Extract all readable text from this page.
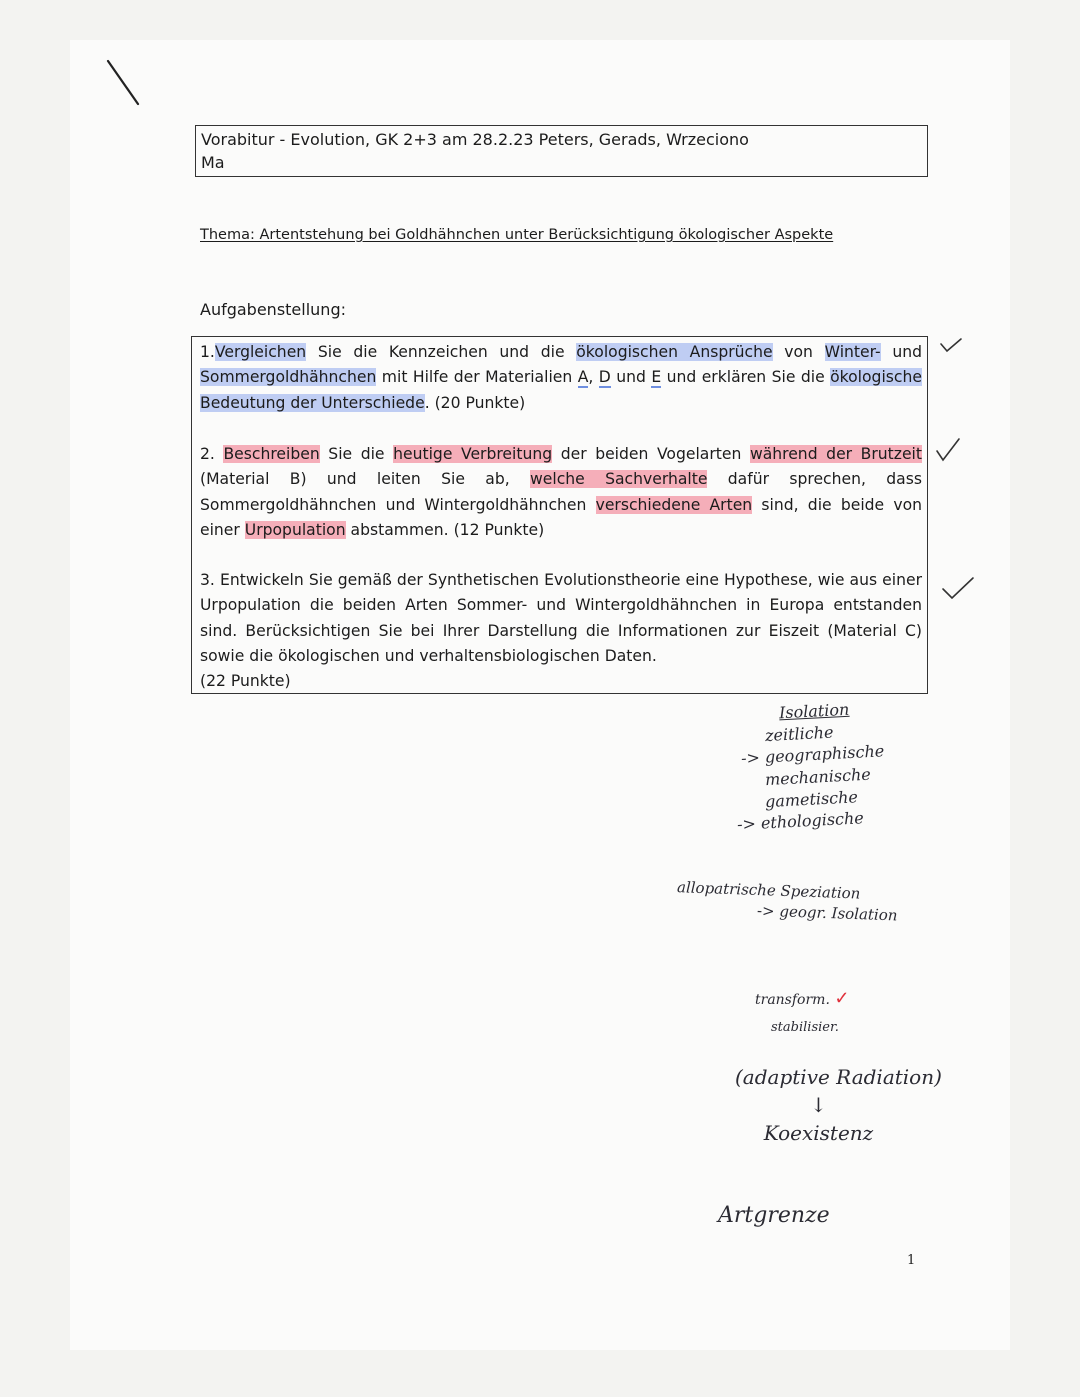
Vorabitur - Evolution, GK 2+3 am 28.2.23 Peters, Gerads, Wrzeciono
Ma
Thema: Artentstehung bei Goldhähnchen unter Berücksichtigung ökologischer Aspekte
Aufgabenstellung:
1.Vergleichen Sie die Kennzeichen und die ökologischen Ansprüche von Winter- und Sommergoldhähnchen mit Hilfe der Materialien A, D und E und erklären Sie die ökologische Bedeutung der Unterschiede. (20 Punkte)
2. Beschreiben Sie die heutige Verbreitung der beiden Vogelarten während der Brutzeit (Material B) und leiten Sie ab, welche Sachverhalte dafür sprechen, dass Sommergoldhähnchen und Wintergoldhähnchen verschiedene Arten sind, die beide von einer Urpopulation abstammen. (12 Punkte)
3. Entwickeln Sie gemäß der Synthetischen Evolutionstheorie eine Hypothese, wie aus einer Urpopulation die beiden Arten Sommer- und Wintergoldhähnchen in Europa entstanden sind. Berücksichtigen Sie bei Ihrer Darstellung die Informationen zur Eiszeit (Material C) sowie die ökologischen und verhaltensbiologischen Daten.
(22 Punkte)
Isolation
zeitliche
-> geographische
mechanische
gametische
-> ethologische
allopatrische Speziation
-> geogr. Isolation
transform. ✓
stabilisier.
(adaptive Radiation)
↓
Koexistenz
Artgrenze
1
